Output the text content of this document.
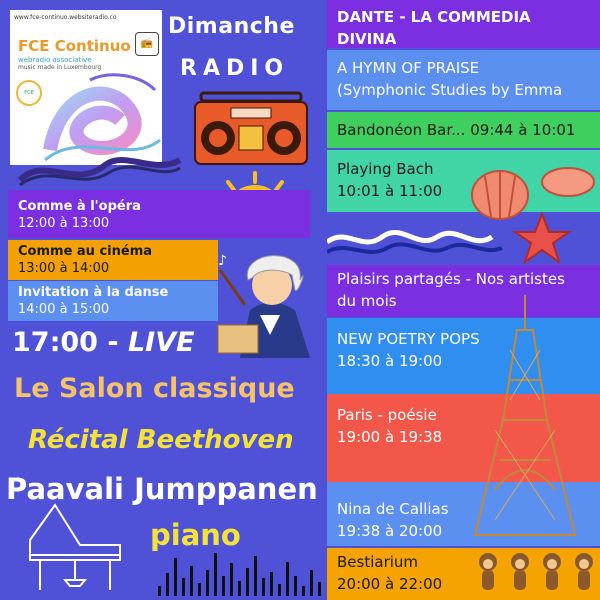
www.fce-continuo.websiteradio.co
📻
FCE Continuo
webradio associative
music made in Luxembourg
FCE
Dimanche
RADIO
Comme à l'opéra
12:00 à 13:00
Comme au cinéma
13:00 à 14:00
Invitation à la danse
14:00 à 15:00
♪
17:00 - LIVE
Le Salon classique
Récital Beethoven
Paavali Jumppanen
piano
DANTE - LA COMMEDIA DIVINA
A HYMN OF PRAISE
(Symphonic Studies by Emma
Bandonéon Bar... 09:44 à 10:01
Playing Bach
10:01 à 11:00
Plaisirs partagés - Nos artistes
du mois
NEW POETRY POPS
18:30 à 19:00
Paris - poésie
19:00 à 19:38
Nina de Callias
19:38 à 20:00
Bestiarium
20:00 à 22:00
